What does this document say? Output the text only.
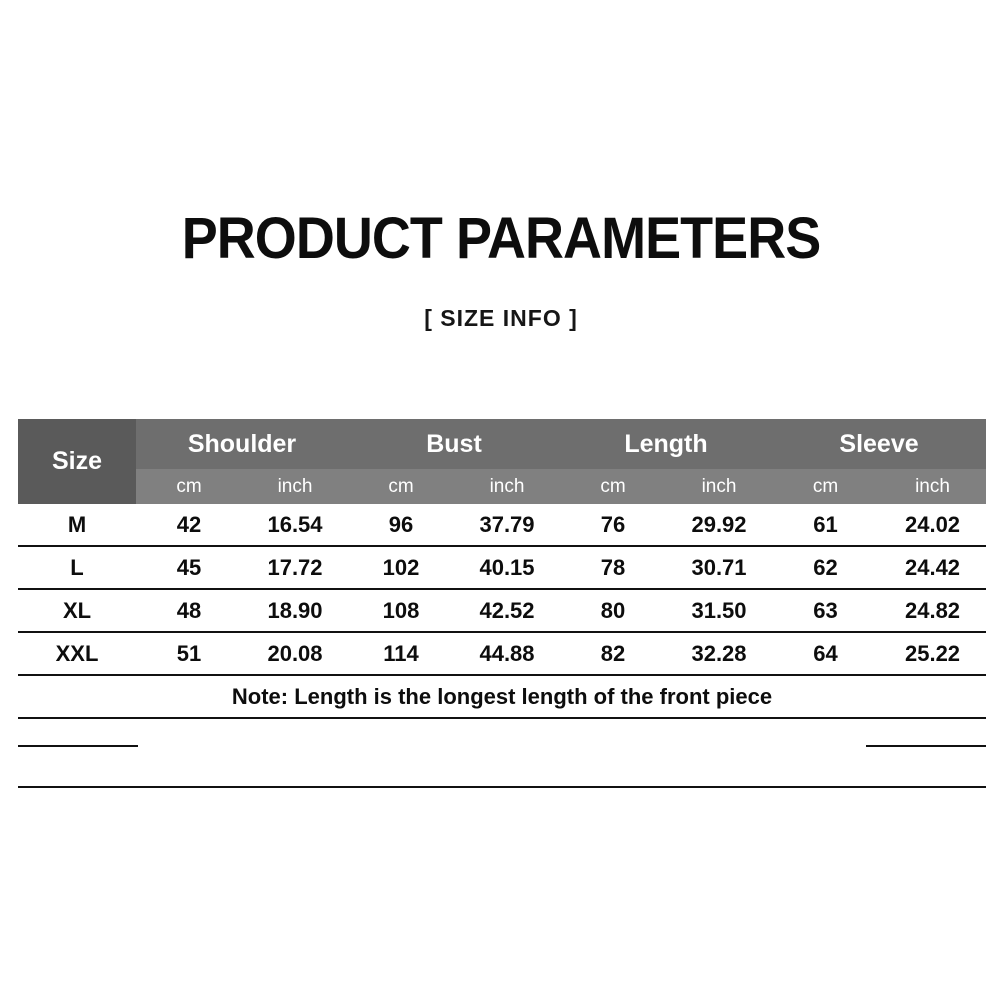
PRODUCT PARAMETERS
[ SIZE INFO ]
Size	Shoulder		Bust		Length		Sleeve	
	cm	inch	cm	inch	cm	inch	cm	inch
M	42	16.54	96	37.79	76	29.92	61	24.02
L	45	17.72	102	40.15	78	30.71	62	24.42
XL	48	18.90	108	42.52	80	31.50	63	24.82
XXL	51	20.08	114	44.88	82	32.28	64	25.22
Note: Length is the longest length of the front piece								
